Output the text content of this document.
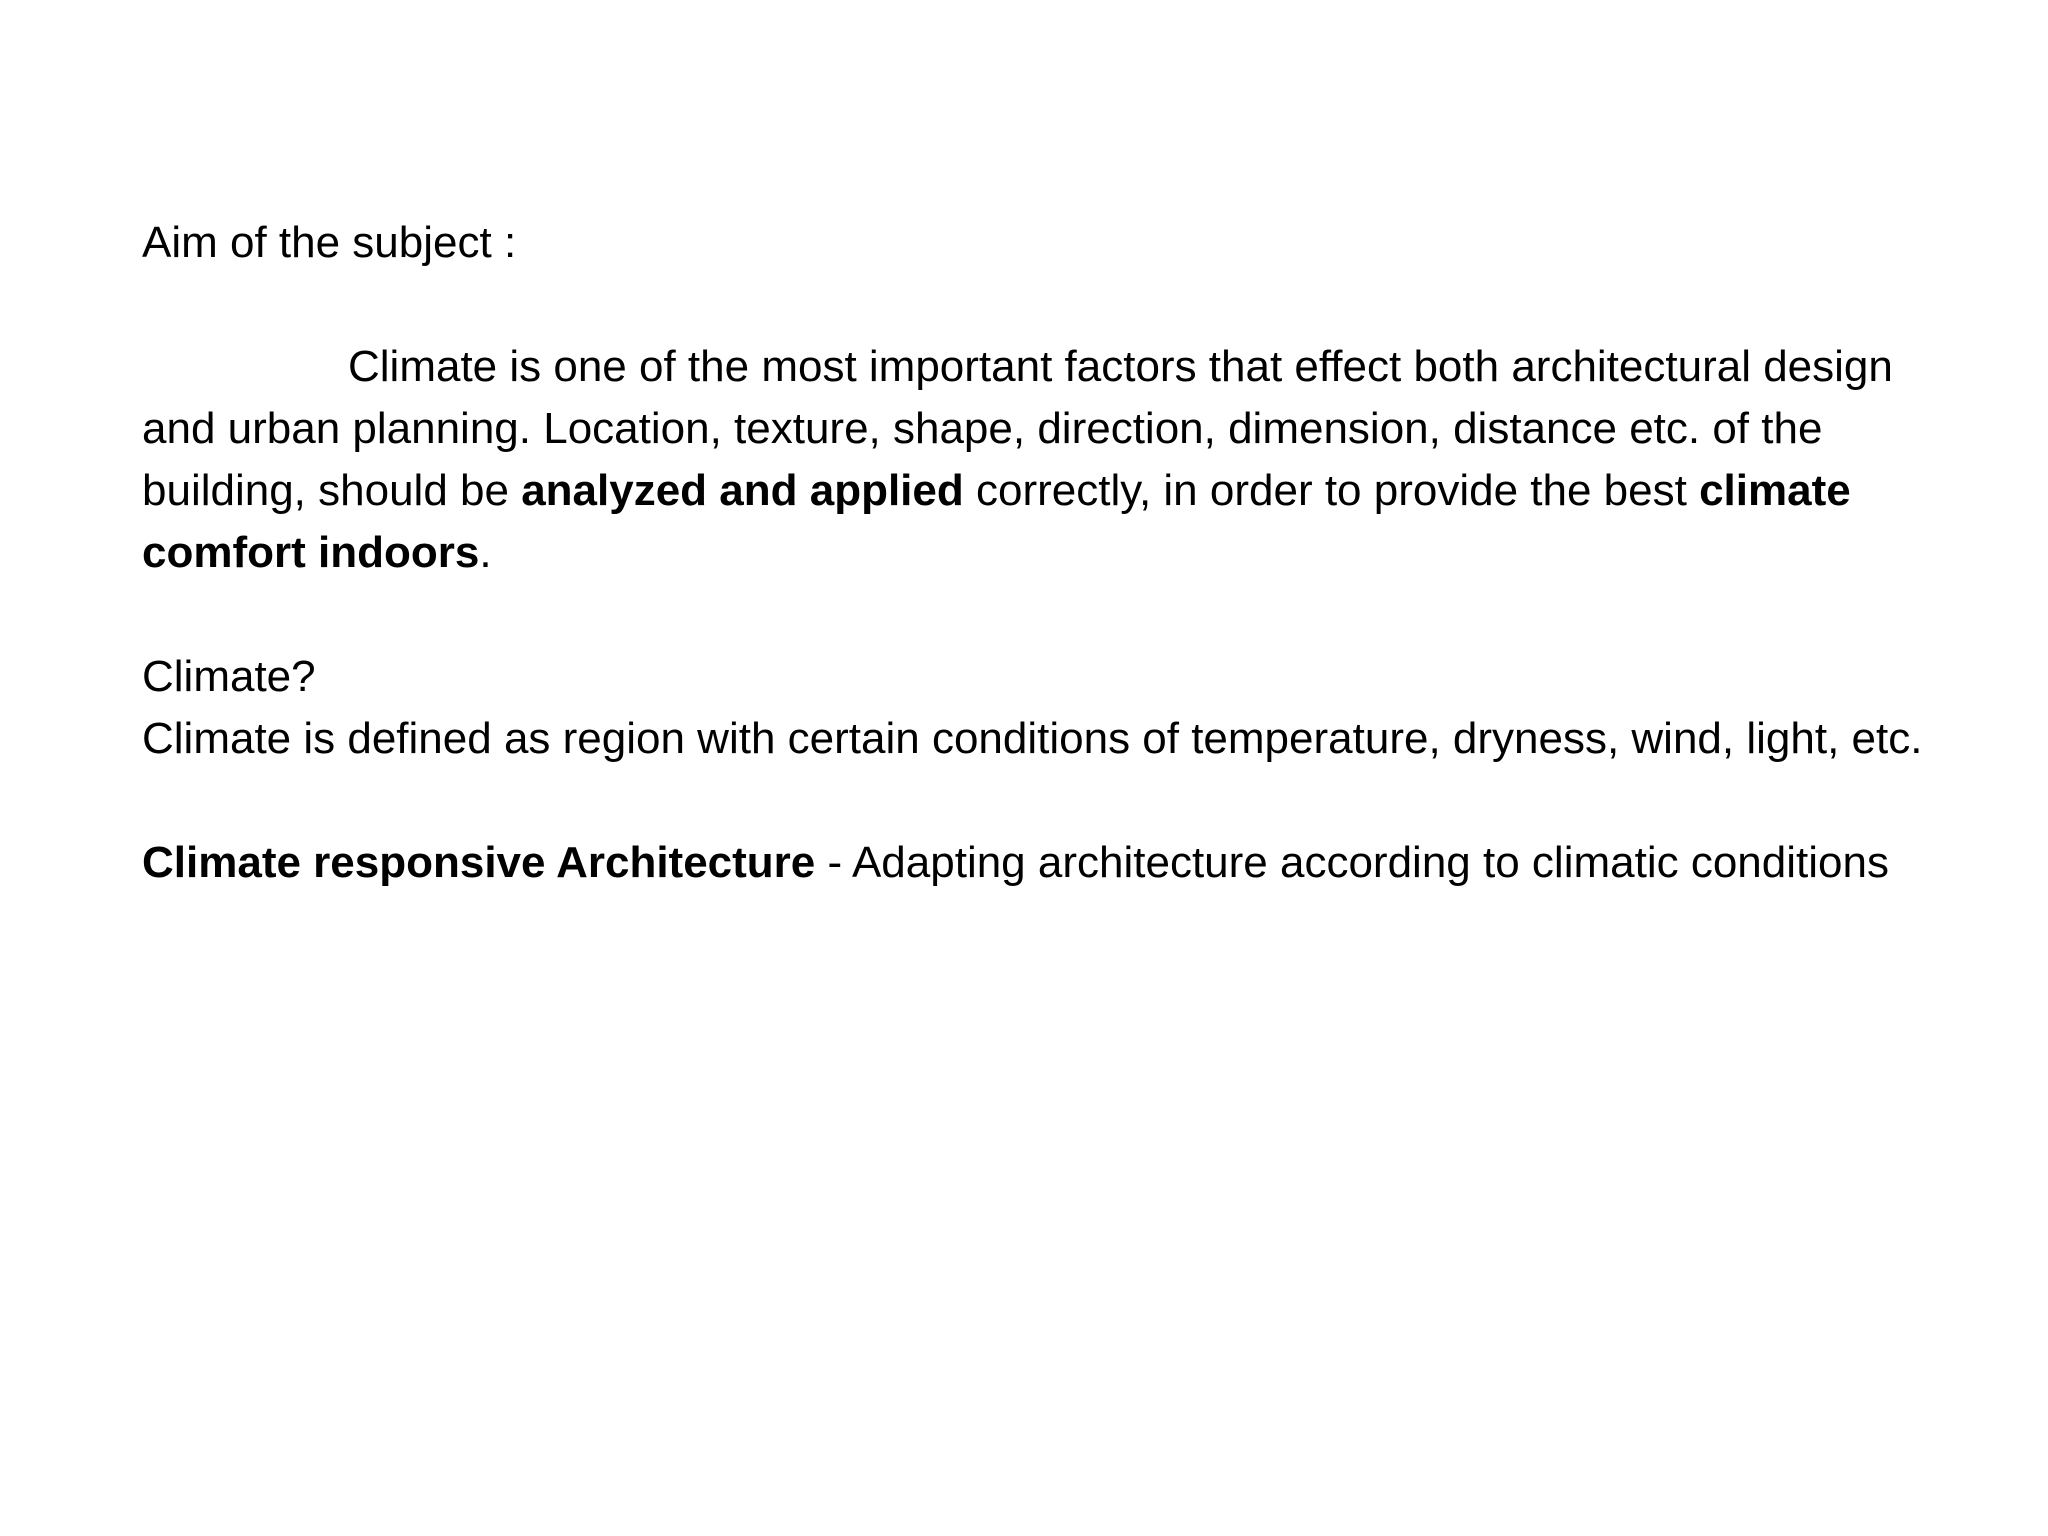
Aim of the subject :

Climate is one of the most important factors that effect both architectural design and urban planning. Location, texture, shape, direction, dimension, distance etc. of the building, should be analyzed and applied correctly, in order to provide the best climate comfort indoors.

Climate?

Climate is defined as region with certain conditions of temperature, dryness, wind, light, etc.

Climate responsive Architecture - Adapting architecture according to climatic conditions
